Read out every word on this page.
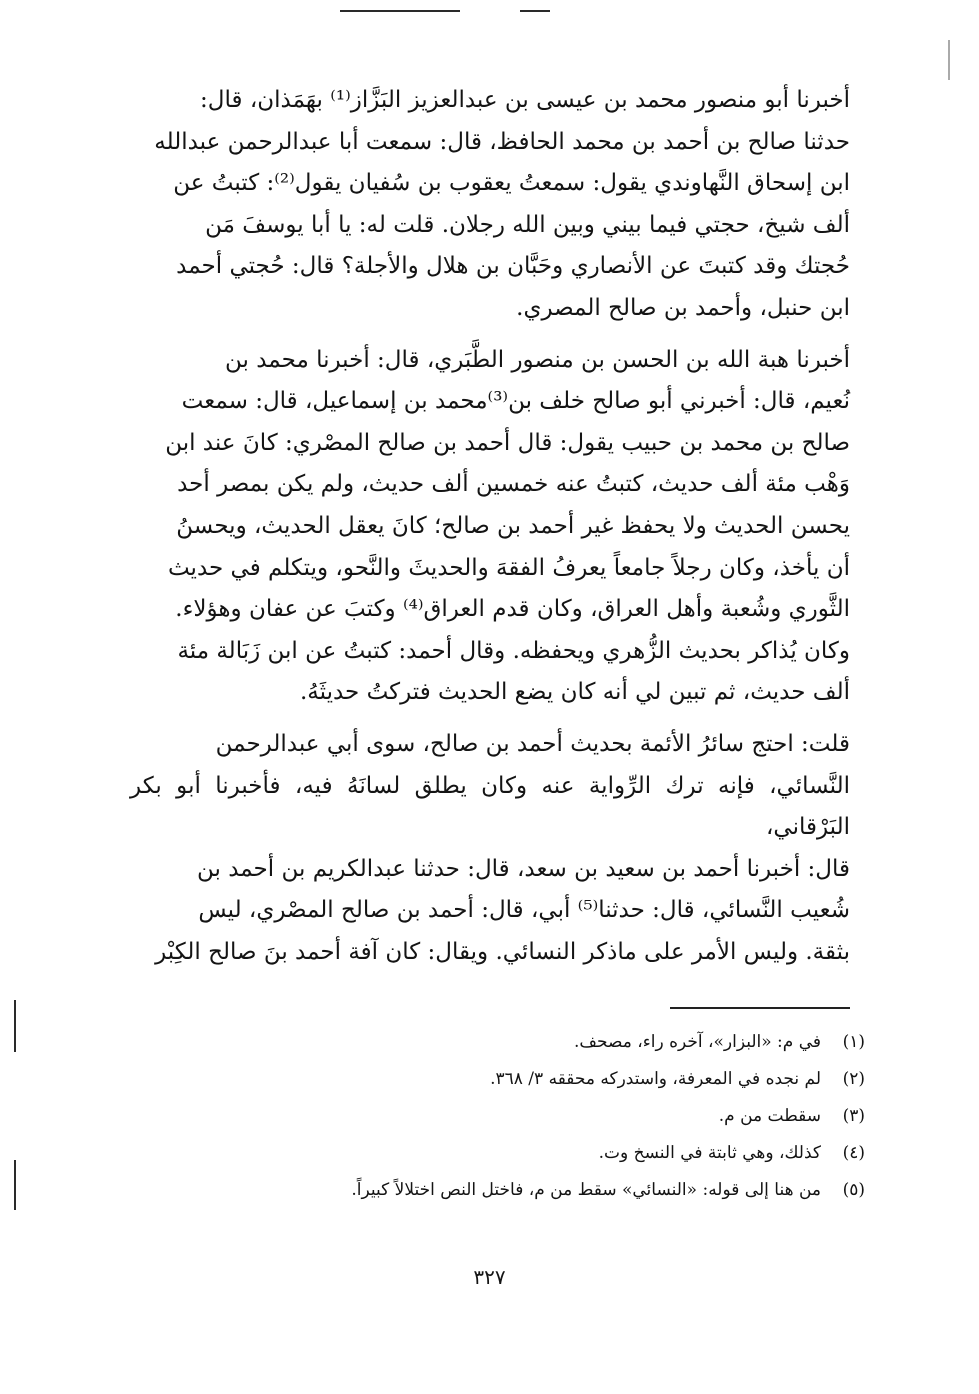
أخبرنا أبو منصور محمد بن عيسى بن عبدالعزيز البَزَّاز⁽¹⁾ بهَمَذان، قال:

حدثنا صالح بن أحمد بن محمد الحافظ، قال: سمعت أبا عبدالرحمن عبدالله

ابن إسحاق النَّهاوندي يقول: سمعتُ يعقوب بن سُفيان يقول⁽²⁾: كتبتُ عن

ألف شيخ، حجتي فيما بيني وبين الله رجلان. قلت له: يا أبا يوسفَ مَن

حُجتك وقد كتبتَ عن الأنصاري وحَبَّان بن هلال والأجلة؟ قال: حُجتي أحمد

ابن حنبل، وأحمد بن صالح المصري.

أخبرنا هبة الله بن الحسن بن منصور الطَّبَري، قال: أخبرنا محمد بن

نُعيم، قال: أخبرني أبو صالح خلف بن⁽³⁾محمد بن إسماعيل، قال: سمعت

صالح بن محمد بن حبيب يقول: قال أحمد بن صالح المصْري: كانَ عند ابن

وَهْب مئة ألف حديث، كتبتُ عنه خمسين ألف حديث، ولم يكن بمصر أحد

يحسن الحديث ولا يحفظ غير أحمد بن صالح؛ كانَ يعقل الحديث، ويحسنُ

أن يأخذ، وكان رجلاً جامعاً يعرفُ الفقهَ والحديثَ والنَّحو، ويتكلم في حديث

الثَّوري وشُعبة وأهل العراق، وكان قدم العراق⁽⁴⁾ وكتبَ عن عفان وهؤلاء.

وكان يُذاكر بحديث الزُّهري ويحفظه. وقال أحمد: كتبتُ عن ابن زَبَالة مئة

ألف حديث، ثم تبين لي أنه كان يضع الحديث فتركتُ حديثَهُ.

قلت: احتج سائرُ الأئمة بحديث أحمد بن صالح، سوى أبي عبدالرحمن

النَّسائي، فإنه ترك الرِّواية عنه وكان يطلق لسانَهُ فيه، فأخبرنا أبو بكر البَرْقاني،

قال: أخبرنا أحمد بن سعيد بن سعد، قال: حدثنا عبدالكريم بن أحمد بن

شُعيب النَّسائي، قال: حدثنا⁽⁵⁾ أبي، قال: أحمد بن صالح المصْري، ليس

بثقة. وليس الأمر على ماذكر النسائي. ويقال: كان آفة أحمد بنَ صالح الكِبْر

(١)
في م: «البزار»، آخره راء، مصحف.
(٢)
لم نجده في المعرفة، واستدركه محققه ٣/ ٣٦٨.
(٣)
سقطت من م.
(٤)
كذلك، وهي ثابتة في النسخ وت.
(٥)
من هنا إلى قوله: «النسائي» سقط من م، فاختل النص اختلالاً كبيراً.
٣٢٧
